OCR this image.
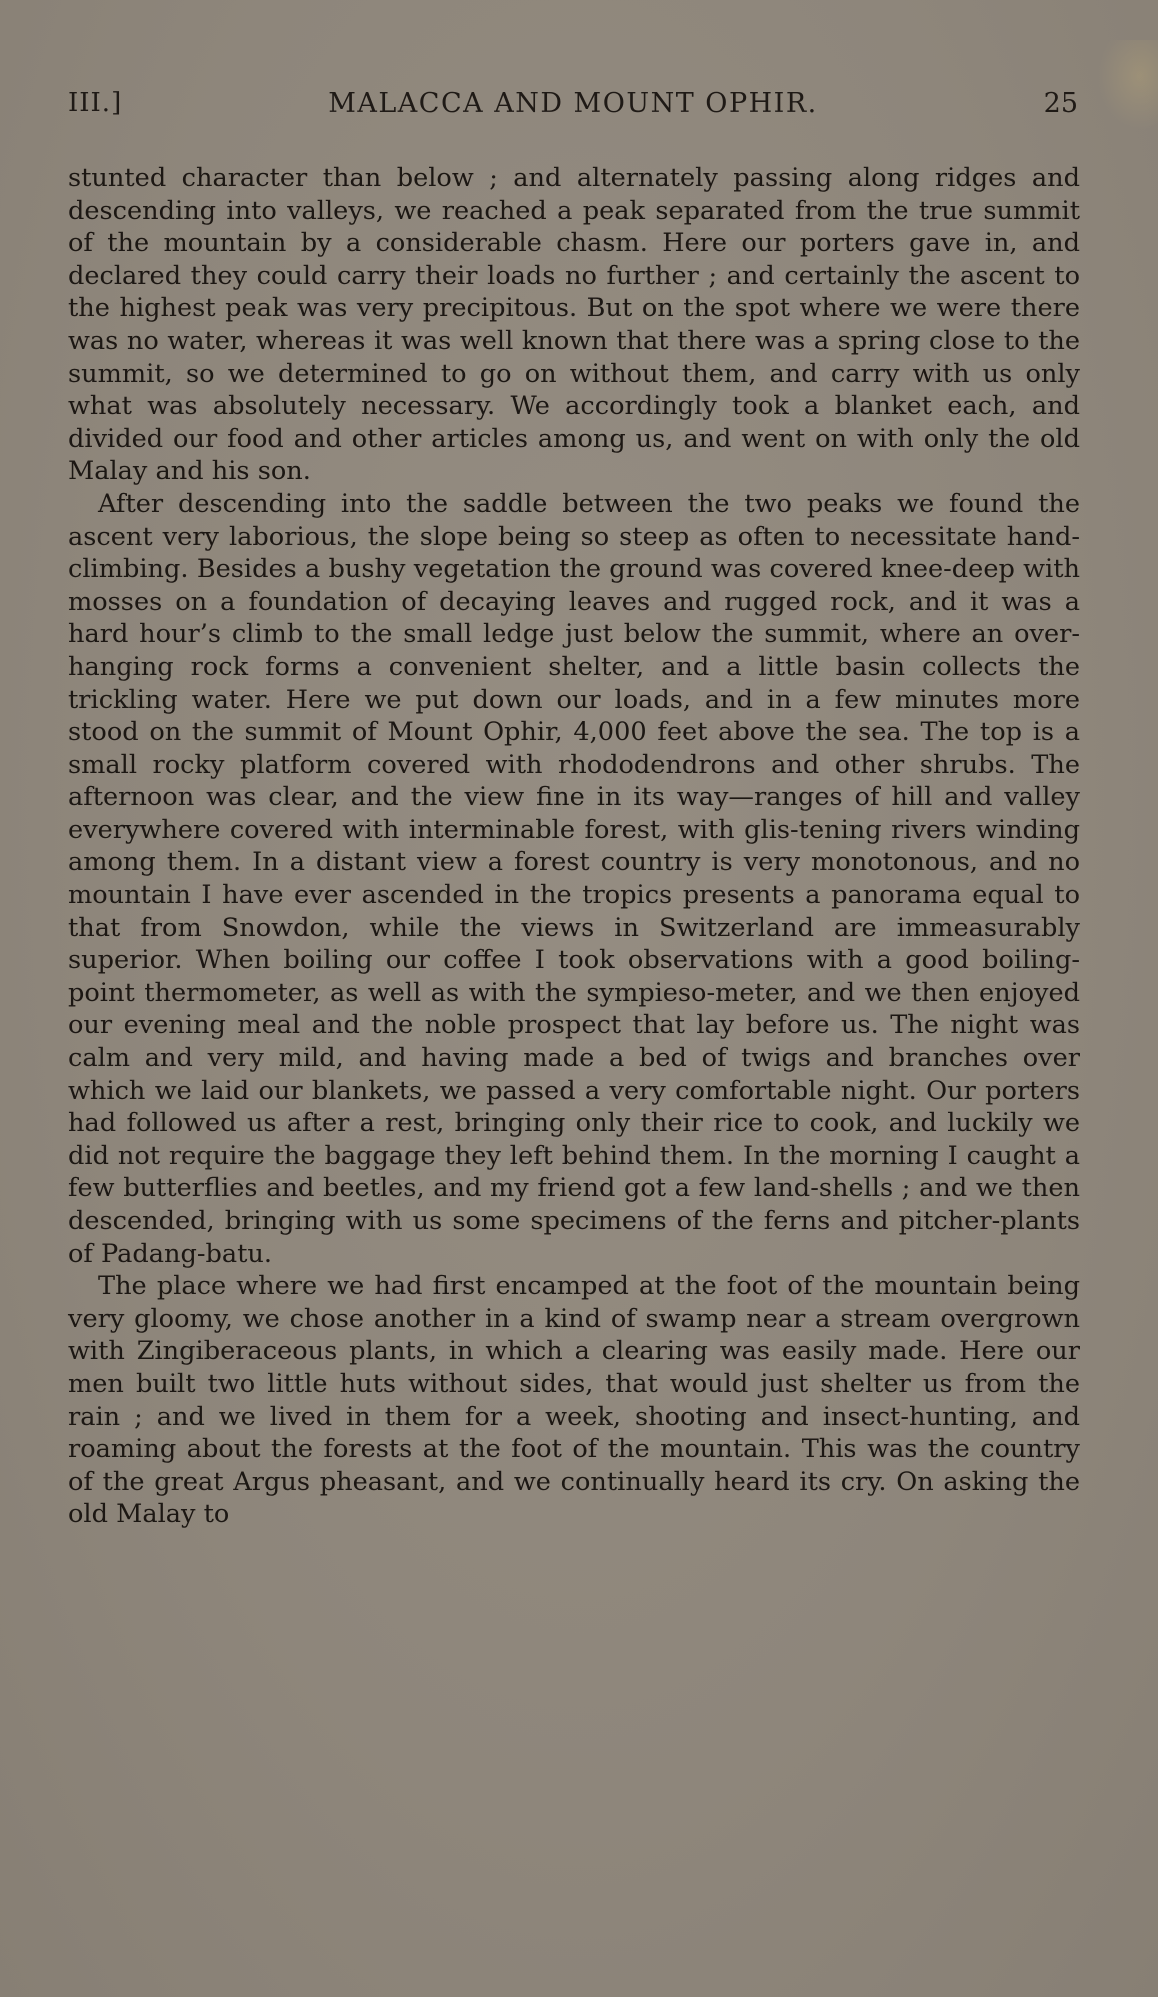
III.]	MALACCA AND MOUNT OPHIR.	25

stunted character than below ; and alternately passing along ridges and descending into valleys, we reached a peak separated from the true summit of the mountain by a considerable chasm. Here our porters gave in, and declared they could carry their loads no further ; and certainly the ascent to the highest peak was very precipitous. But on the spot where we were there was no water, whereas it was well known that there was a spring close to the summit, so we determined to go on without them, and carry with us only what was absolutely necessary. We accordingly took a blanket each, and divided our food and other articles among us, and went on with only the old Malay and his son.

After descending into the saddle between the two peaks we found the ascent very laborious, the slope being so steep as often to necessitate hand-climbing. Besides a bushy vegetation the ground was covered knee-deep with mosses on a foundation of decaying leaves and rugged rock, and it was a hard hour’s climb to the small ledge just below the summit, where an over-hanging rock forms a convenient shelter, and a little basin collects the trickling water. Here we put down our loads, and in a few minutes more stood on the summit of Mount Ophir, 4,000 feet above the sea. The top is a small rocky platform covered with rhododendrons and other shrubs. The afternoon was clear, and the view fine in its way—ranges of hill and valley everywhere covered with interminable forest, with glis-tening rivers winding among them. In a distant view a forest country is very monotonous, and no mountain I have ever ascended in the tropics presents a panorama equal to that from Snowdon, while the views in Switzerland are immeasurably superior. When boiling our coffee I took observations with a good boiling-point thermometer, as well as with the sympieso-meter, and we then enjoyed our evening meal and the noble prospect that lay before us. The night was calm and very mild, and having made a bed of twigs and branches over which we laid our blankets, we passed a very comfortable night. Our porters had followed us after a rest, bringing only their rice to cook, and luckily we did not require the baggage they left behind them. In the morning I caught a few butterflies and beetles, and my friend got a few land-shells ; and we then descended, bringing with us some specimens of the ferns and pitcher-plants of Padang-batu.

The place where we had first encamped at the foot of the mountain being very gloomy, we chose another in a kind of swamp near a stream overgrown with Zingiberaceous plants, in which a clearing was easily made. Here our men built two little huts without sides, that would just shelter us from the rain ; and we lived in them for a week, shooting and insect-hunting, and roaming about the forests at the foot of the mountain. This was the country of the great Argus pheasant, and we continually heard its cry. On asking the old Malay to
